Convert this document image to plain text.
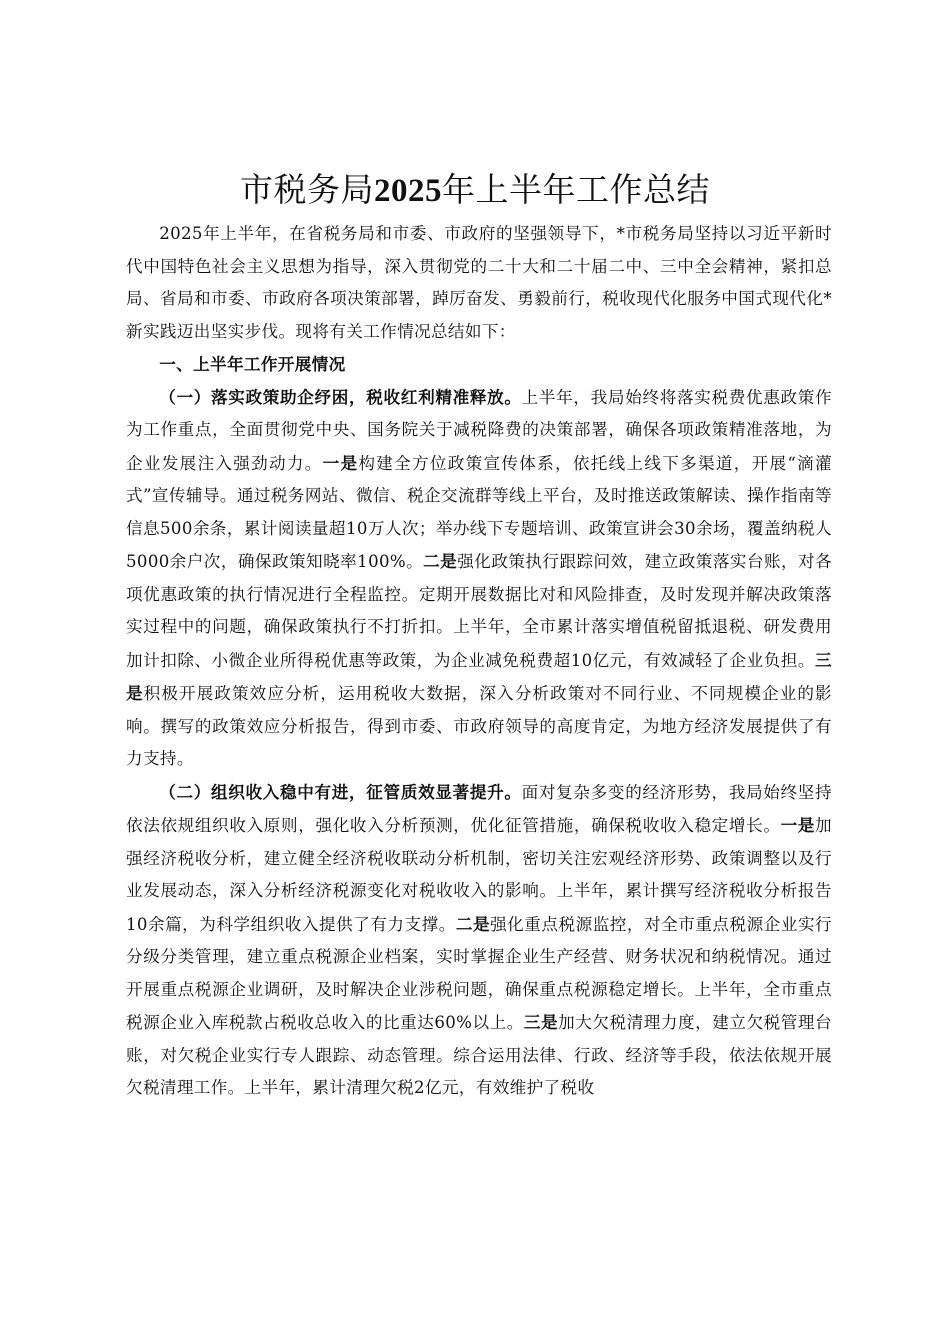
市税务局2025年上半年工作总结

2025年上半年，在省税务局和市委、市政府的坚强领导下，*市税务局坚持以习近平新时代中国特色社会主义思想为指导，深入贯彻党的二十大和二十届二中、三中全会精神，紧扣总局、省局和市委、市政府各项决策部署，踔厉奋发、勇毅前行，税收现代化服务中国式现代化*新实践迈出坚实步伐。现将有关工作情况总结如下：

一、上半年工作开展情况

（一）落实政策助企纾困，税收红利精准释放。上半年，我局始终将落实税费优惠政策作为工作重点，全面贯彻党中央、国务院关于减税降费的决策部署，确保各项政策精准落地，为企业发展注入强劲动力。一是构建全方位政策宣传体系，依托线上线下多渠道，开展“滴灌式”宣传辅导。通过税务网站、微信、税企交流群等线上平台，及时推送政策解读、操作指南等信息500余条，累计阅读量超10万人次；举办线下专题培训、政策宣讲会30余场，覆盖纳税人5000余户次，确保政策知晓率100%。二是强化政策执行跟踪问效，建立政策落实台账，对各项优惠政策的执行情况进行全程监控。定期开展数据比对和风险排查，及时发现并解决政策落实过程中的问题，确保政策执行不打折扣。上半年，全市累计落实增值税留抵退税、研发费用加计扣除、小微企业所得税优惠等政策，为企业减免税费超10亿元，有效减轻了企业负担。三是积极开展政策效应分析，运用税收大数据，深入分析政策对不同行业、不同规模企业的影响。撰写的政策效应分析报告，得到市委、市政府领导的高度肯定，为地方经济发展提供了有力支持。

（二）组织收入稳中有进，征管质效显著提升。面对复杂多变的经济形势，我局始终坚持依法依规组织收入原则，强化收入分析预测，优化征管措施，确保税收收入稳定增长。一是加强经济税收分析，建立健全经济税收联动分析机制，密切关注宏观经济形势、政策调整以及行业发展动态，深入分析经济税源变化对税收收入的影响。上半年，累计撰写经济税收分析报告10余篇，为科学组织收入提供了有力支撑。二是强化重点税源监控，对全市重点税源企业实行分级分类管理，建立重点税源企业档案，实时掌握企业生产经营、财务状况和纳税情况。通过开展重点税源企业调研，及时解决企业涉税问题，确保重点税源稳定增长。上半年，全市重点税源企业入库税款占税收总收入的比重达60%以上。三是加大欠税清理力度，建立欠税管理台账，对欠税企业实行专人跟踪、动态管理。综合运用法律、行政、经济等手段，依法依规开展欠税清理工作。上半年，累计清理欠税2亿元，有效维护了税收
